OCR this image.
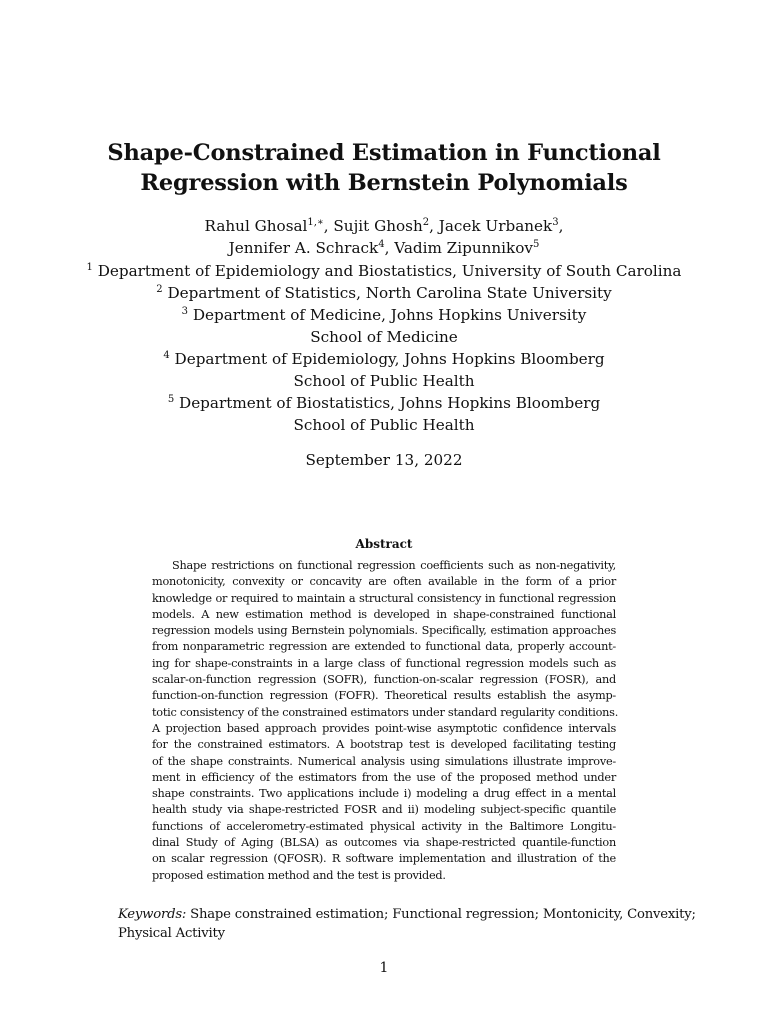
Shape-Constrained Estimation in Functional
Regression with Bernstein Polynomials
Rahul Ghosal$^{1,∗}$, Sujit Ghosh$^2$, Jacek Urbanek$^3$,
Jennifer A. Schrack$^4$, Vadim Zipunnikov$^5$
$^1$ Department of Epidemiology and Biostatistics, University of South Carolina
$^2$ Department of Statistics, North Carolina State University
$^3$ Department of Medicine, Johns Hopkins University
School of Medicine
$^4$ Department of Epidemiology, Johns Hopkins Bloomberg
School of Public Health
$^5$ Department of Biostatistics, Johns Hopkins Bloomberg
School of Public Health
September 13, 2022
Abstract
Shape restrictions on functional regression coefficients such as non-negativity,
monotonicity, convexity or concavity are often available in the form of a prior
knowledge or required to maintain a structural consistency in functional regression
models. A new estimation method is developed in shape-constrained functional
regression models using Bernstein polynomials. Specifically, estimation approaches
from nonparametric regression are extended to functional data, properly account-
ing for shape-constraints in a large class of functional regression models such as
scalar-on-function regression (SOFR), function-on-scalar regression (FOSR), and
function-on-function regression (FOFR). Theoretical results establish the asymp-
totic consistency of the constrained estimators under standard regularity conditions.
A projection based approach provides point-wise asymptotic confidence intervals
for the constrained estimators. A bootstrap test is developed facilitating testing
of the shape constraints. Numerical analysis using simulations illustrate improve-
ment in efficiency of the estimators from the use of the proposed method under
shape constraints. Two applications include i) modeling a drug effect in a mental
health study via shape-restricted FOSR and ii) modeling subject-specific quantile
functions of accelerometry-estimated physical activity in the Baltimore Longitu-
dinal Study of Aging (BLSA) as outcomes via shape-restricted quantile-function
on scalar regression (QFOSR). R software implementation and illustration of the
proposed estimation method and the test is provided.
Keywords: Shape constrained estimation; Functional regression; Montonicity, Convexity;
Physical Activity
1
